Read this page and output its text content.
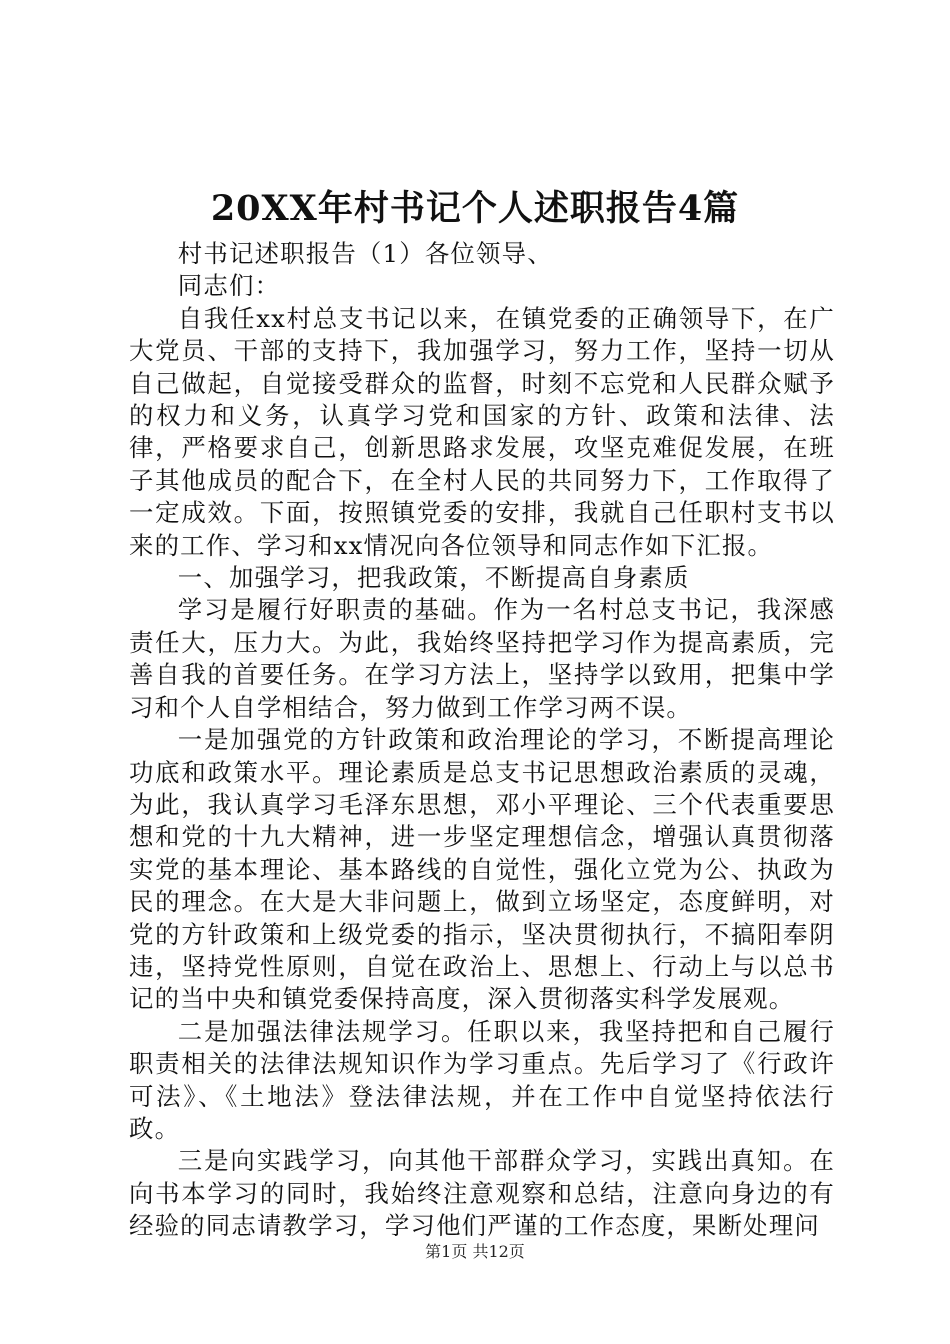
20XX年村书记个人述职报告4篇

村书记述职报告（1）各位领导、

同志们：

自我任xx村总支书记以来，在镇党委的正确领导下，在广大党员、干部的支持下，我加强学习，努力工作，坚持一切从自己做起，自觉接受群众的监督，时刻不忘党和人民群众赋予的权力和义务，认真学习党和国家的方针、政策和法律、法律，严格要求自己，创新思路求发展，攻坚克难促发展，在班子其他成员的配合下，在全村人民的共同努力下，工作取得了一定成效。下面，按照镇党委的安排，我就自己任职村支书以来的工作、学习和xx情况向各位领导和同志作如下汇报。

一、加强学习，把我政策，不断提高自身素质

学习是履行好职责的基础。作为一名村总支书记，我深感责任大，压力大。为此，我始终坚持把学习作为提高素质，完善自我的首要任务。在学习方法上，坚持学以致用，把集中学习和个人自学相结合，努力做到工作学习两不误。

一是加强党的方针政策和政治理论的学习，不断提高理论功底和政策水平。理论素质是总支书记思想政治素质的灵魂，为此，我认真学习毛泽东思想，邓小平理论、三个代表重要思想和党的十九大精神，进一步坚定理想信念，增强认真贯彻落实党的基本理论、基本路线的自觉性，强化立党为公、执政为民的理念。在大是大非问题上，做到立场坚定，态度鲜明，对党的方针政策和上级党委的指示，坚决贯彻执行，不搞阳奉阴违，坚持党性原则，自觉在政治上、思想上、行动上与以总书记的当中央和镇党委保持高度，深入贯彻落实科学发展观。

二是加强法律法规学习。任职以来，我坚持把和自己履行职责相关的法律法规知识作为学习重点。先后学习了《行政许可法》、《土地法》登法律法规，并在工作中自觉坚持依法行政。

三是向实践学习，向其他干部群众学习，实践出真知。在向书本学习的同时，我始终注意观察和总结，注意向身边的有经验的同志请教学习，学习他们严谨的工作态度，果断处理问

第1页 共12页
